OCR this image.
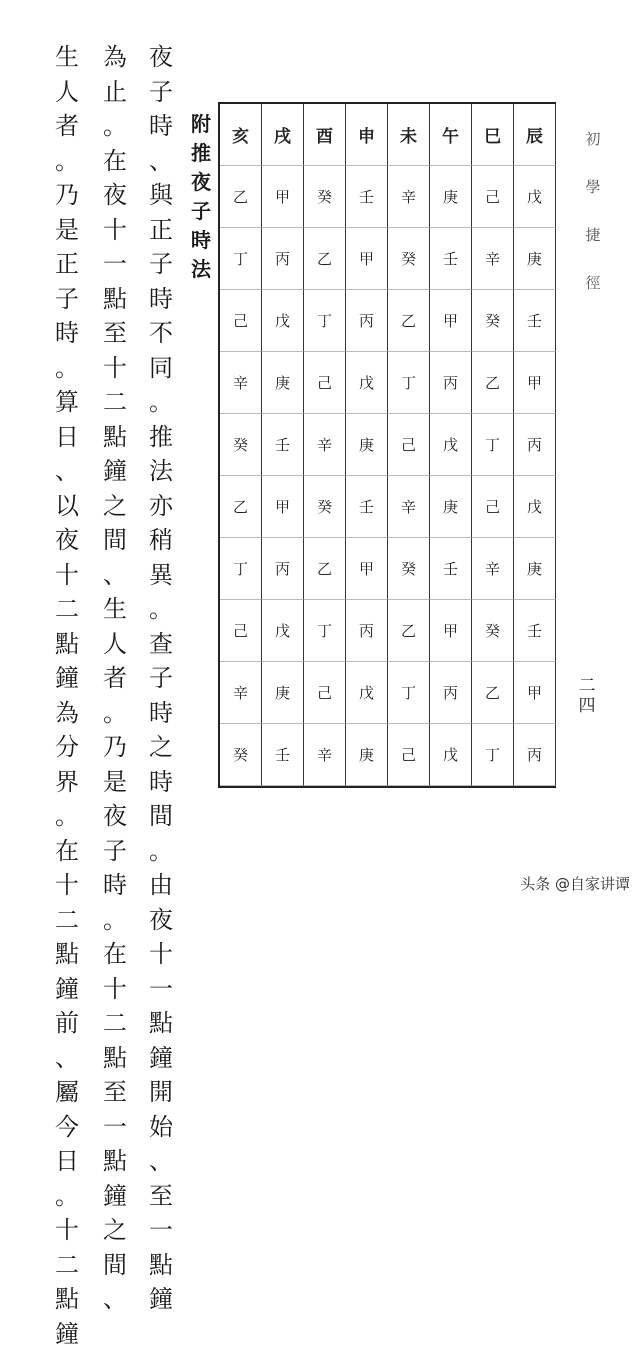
夜
子
時
、
與
正
子
時
不
同
。
推
法
亦
稍
異
。
查
子
時
之
時
間
。
由
夜
十
一
點
鐘
開
始
、
至
一
點
鐘
為
止
。
在
夜
十
一
點
至
十
二
點
鐘
之
間
、
生
人
者
。
乃
是
夜
子
時
。
在
十
二
點
至
一
點
鐘
之
間
、
生
人
者
。
乃
是
正
子
時
。
算
日
、
以
夜
十
二
點
鐘
為
分
界
。
在
十
二
點
鐘
前
、
屬
今
日
。
十
二
點
鐘
附
推
夜
子
時
法
辰
戊
庚
壬
甲
丙
戊
庚
壬
甲
丙
巳
己
辛
癸
乙
丁
己
辛
癸
乙
丁
午
庚
壬
甲
丙
戊
庚
壬
甲
丙
戊
未
辛
癸
乙
丁
己
辛
癸
乙
丁
己
申
壬
甲
丙
戊
庚
壬
甲
丙
戊
庚
酉
癸
乙
丁
己
辛
癸
乙
丁
己
辛
戌
甲
丙
戊
庚
壬
甲
丙
戊
庚
壬
亥
乙
丁
己
辛
癸
乙
丁
己
辛
癸
初
學
捷
徑
二
四
头条 @自家讲谭
